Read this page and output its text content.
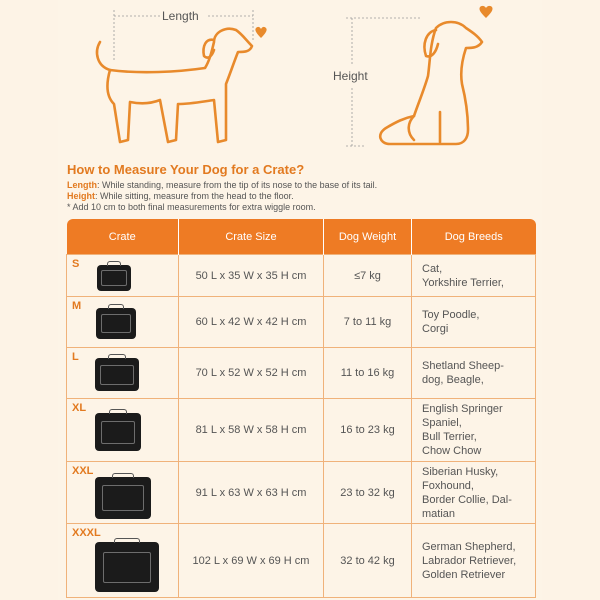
Length
Height
How to Measure Your Dog for a Crate?
Length: While standing, measure from the tip of its nose to the base of its tail.
Height: While sitting, measure from the head to the floor.
* Add 10 cm to both final measurements for extra wiggle room.
Crate	Crate Size	Dog Weight	Dog Breeds

S	50 L x 35 W x 35 H cm	≤7 kg	Cat,
Yorkshire Terrier,

M	60 L x 42 W x 42 H cm	7 to 11 kg	Toy Poodle,
Corgi

L	70 L x 52 W x 52 H cm	11 to 16 kg	Shetland Sheep-
dog, Beagle,

XL	81 L x 58 W x 58 H cm	16 to 23 kg	English Springer
Spaniel,
Bull Terrier,
Chow Chow

XXL	91 L x 63 W x 63 H cm	23 to 32 kg	Siberian Husky,
Foxhound,
Border Collie, Dal-
matian

XXXL	102 L x 69 W x 69 H cm	32 to 42 kg	German Shepherd,
Labrador Retriever,
Golden Retriever
